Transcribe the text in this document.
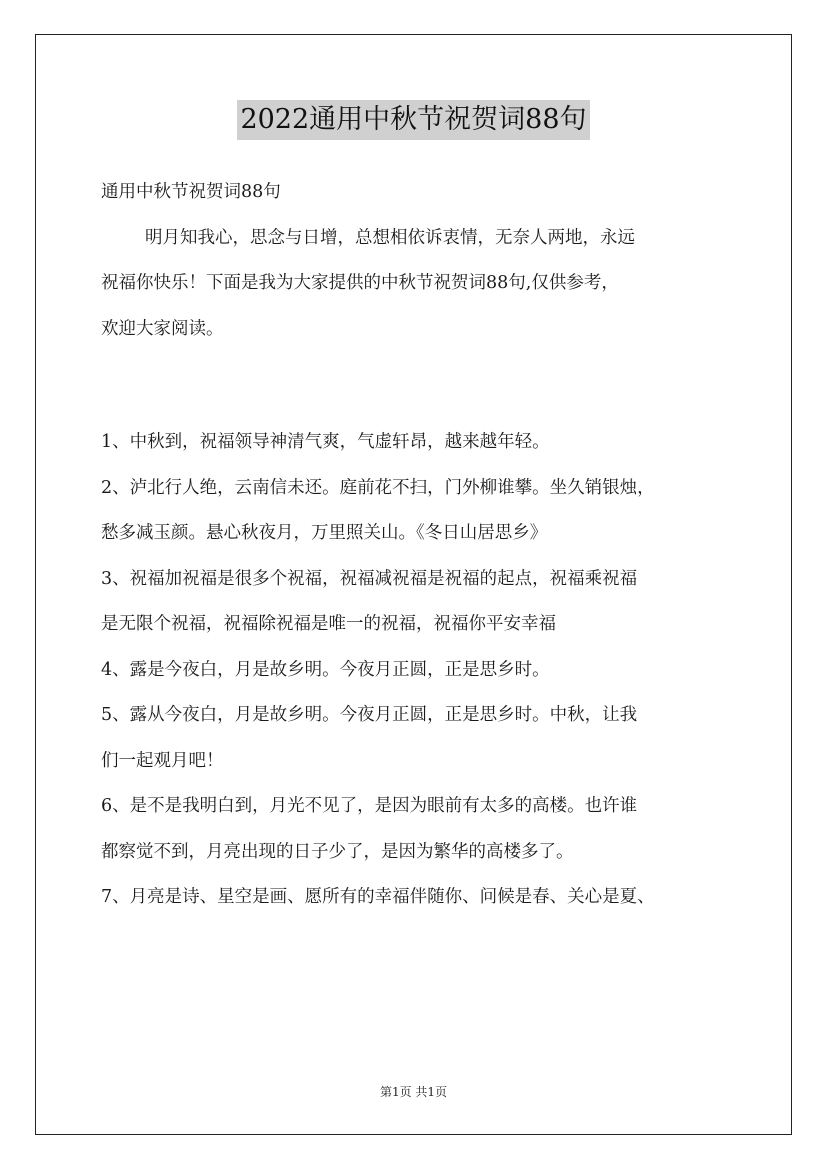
2022通用中秋节祝贺词88句
通用中秋节祝贺词88句
明月知我心，思念与日增，总想相依诉衷情，无奈人两地，永远
祝福你快乐！下面是我为大家提供的中秋节祝贺词88句,仅供参考，
欢迎大家阅读。
1、中秋到，祝福领导神清气爽，气虚轩昂，越来越年轻。
2、泸北行人绝，云南信未还。庭前花不扫，门外柳谁攀。坐久销银烛，
愁多减玉颜。悬心秋夜月，万里照关山。《冬日山居思乡》
3、祝福加祝福是很多个祝福，祝福减祝福是祝福的起点，祝福乘祝福
是无限个祝福，祝福除祝福是唯一的祝福，祝福你平安幸福
4、露是今夜白，月是故乡明。今夜月正圆，正是思乡时。
5、露从今夜白，月是故乡明。今夜月正圆，正是思乡时。中秋，让我
们一起观月吧！
6、是不是我明白到，月光不见了，是因为眼前有太多的高楼。也许谁
都察觉不到，月亮出现的日子少了，是因为繁华的高楼多了。
7、月亮是诗、星空是画、愿所有的幸福伴随你、问候是春、关心是夏、
第1页 共1页
